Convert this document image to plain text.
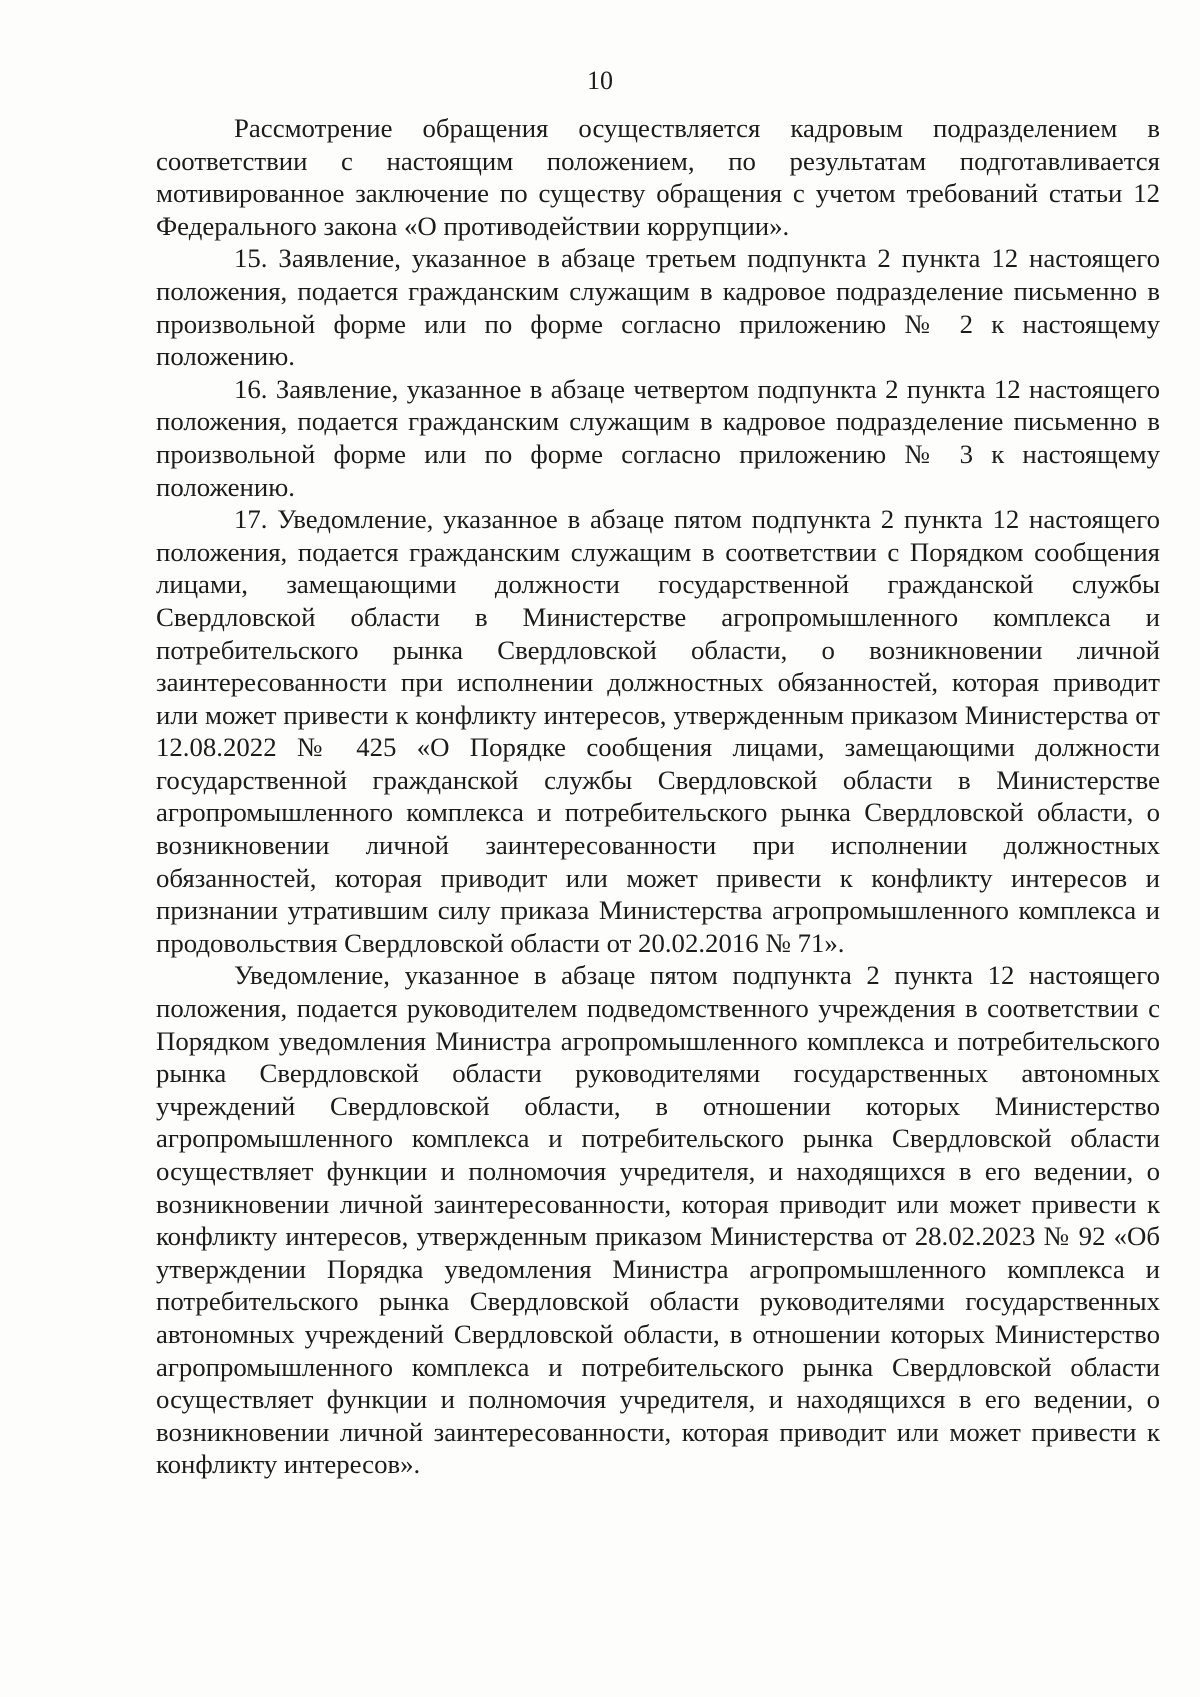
10

Рассмотрение обращения осуществляется кадровым подразделением в соответствии с настоящим положением, по результатам подготавливается мотивированное заключение по существу обращения с учетом требований статьи 12 Федерального закона «О противодействии коррупции».

15. Заявление, указанное в абзаце третьем подпункта 2 пункта 12 настоящего положения, подается гражданским служащим в кадровое подразделение письменно в произвольной форме или по форме согласно приложению № 2 к настоящему положению.

16. Заявление, указанное в абзаце четвертом подпункта 2 пункта 12 настоящего положения, подается гражданским служащим в кадровое подразделение письменно в произвольной форме или по форме согласно приложению № 3 к настоящему положению.

17. Уведомление, указанное в абзаце пятом подпункта 2 пункта 12 настоящего положения, подается гражданским служащим в соответствии с Порядком сообщения лицами, замещающими должности государственной гражданской службы Свердловской области в Министерстве агропромышленного комплекса и потребительского рынка Свердловской области, о возникновении личной заинтересованности при исполнении должностных обязанностей, которая приводит или может привести к конфликту интересов, утвержденным приказом Министерства от 12.08.2022 № 425 «О Порядке сообщения лицами, замещающими должности государственной гражданской службы Свердловской области в Министерстве агропромышленного комплекса и потребительского рынка Свердловской области, о возникновении личной заинтересованности при исполнении должностных обязанностей, которая приводит или может привести к конфликту интересов и признании утратившим силу приказа Министерства агропромышленного комплекса и продовольствия Свердловской области от 20.02.2016 № 71».

Уведомление, указанное в абзаце пятом подпункта 2 пункта 12 настоящего положения, подается руководителем подведомственного учреждения в соответствии с Порядком уведомления Министра агропромышленного комплекса и потребительского рынка Свердловской области руководителями государственных автономных учреждений Свердловской области, в отношении которых Министерство агропромышленного комплекса и потребительского рынка Свердловской области осуществляет функции и полномочия учредителя, и находящихся в его ведении, о возникновении личной заинтересованности, которая приводит или может привести к конфликту интересов, утвержденным приказом Министерства от 28.02.2023 № 92 «Об утверждении Порядка уведомления Министра агропромышленного комплекса и потребительского рынка Свердловской области руководителями государственных автономных учреждений Свердловской области, в отношении которых Министерство агропромышленного комплекса и потребительского рынка Свердловской области осуществляет функции и полномочия учредителя, и находящихся в его ведении, о возникновении личной заинтересованности, которая приводит или может привести к конфликту интересов».
